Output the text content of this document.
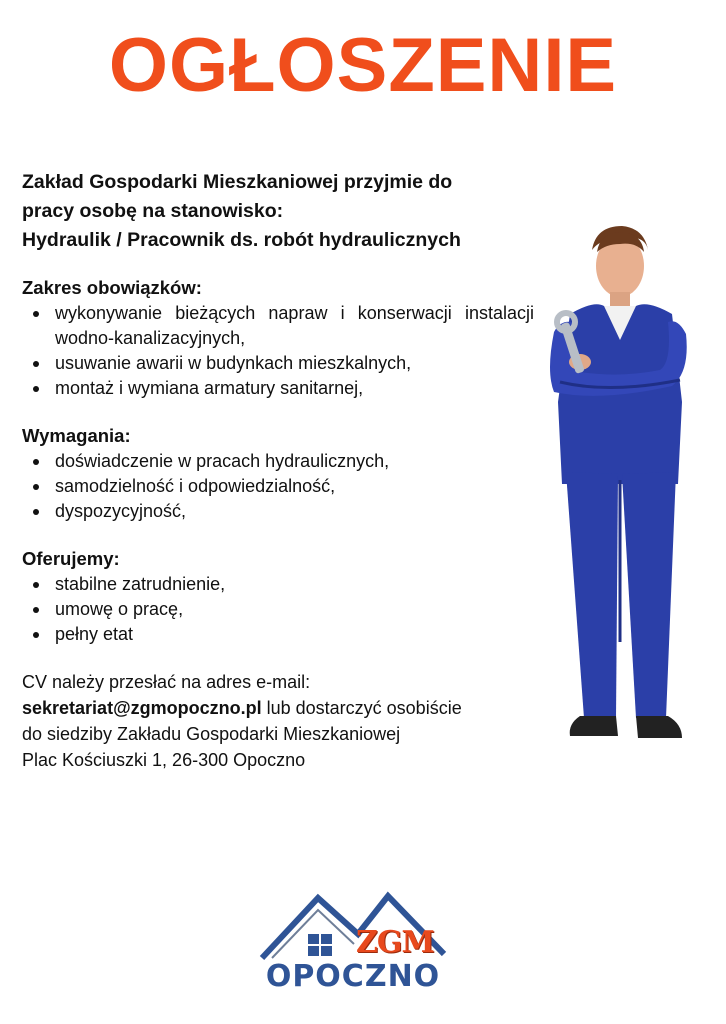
OGŁOSZENIE
Zakład Gospodarki Mieszkaniowej przyjmie do
pracy osobę na stanowisko:
Hydraulik / Pracownik ds. robót hydraulicznych
Zakres obowiązków:
wykonywanie bieżących napraw i konserwacji instalacji wodno-kanalizacyjnych,
usuwanie awarii w budynkach mieszkalnych,
montaż i wymiana armatury sanitarnej,
Wymagania:
doświadczenie w pracach hydraulicznych,
samodzielność i odpowiedzialność,
dyspozycyjność,
Oferujemy:
stabilne zatrudnienie,
umowę o pracę,
pełny etat
CV należy przesłać na adres e-mail:
sekretariat@zgmopoczno.pl lub dostarczyć osobiście
do siedziby Zakładu Gospodarki Mieszkaniowej
Plac Kościuszki 1, 26-300 Opoczno
ZGM
OPOCZNO
